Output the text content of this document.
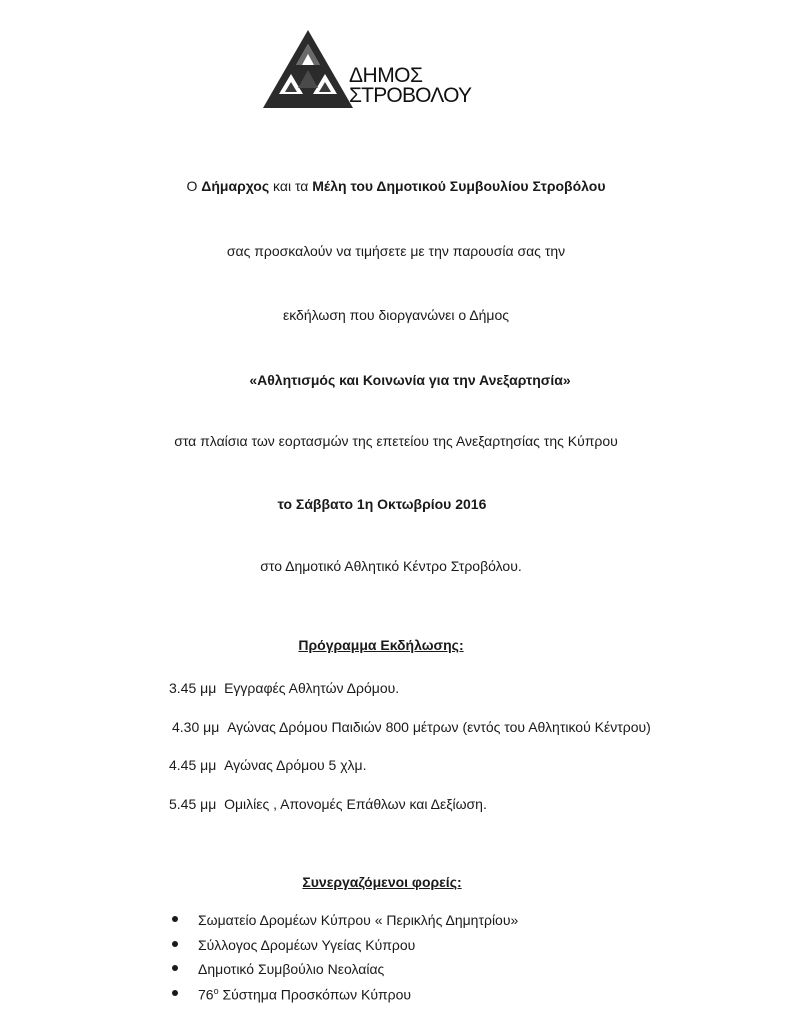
ΔΗΜΟΣ
ΣΤΡΟΒΟΛΟΥ
Ο Δήμαρχος και τα Μέλη του Δημοτικού Συμβουλίου Στροβόλου
σας προσκαλούν να τιμήσετε με την παρουσία σας την
εκδήλωση που διοργανώνει ο Δήμος
«Αθλητισμός και Κοινωνία για την Ανεξαρτησία»
στα πλαίσια των εορτασμών της επετείου της Ανεξαρτησίας της Κύπρου
το Σάββατο 1η Οκτωβρίου 2016
στο Δημοτικό Αθλητικό Κέντρο Στροβόλου.
Πρόγραμμα Εκδήλωσης:
3.45 μμ Εγγραφές Αθλητών Δρόμου.
4.30 μμ Αγώνας Δρόμου Παιδιών 800 μέτρων (εντός του Αθλητικού Κέντρου)
4.45 μμ Αγώνας Δρόμου 5 χλμ.
5.45 μμ Ομιλίες , Απονομές Επάθλων και Δεξίωση.
Συνεργαζόμενοι φορείς:
Σωματείο Δρομέων Κύπρου « Περικλής Δημητρίου»
Σύλλογος Δρομέων Υγείας Κύπρου
Δημοτικό Συμβούλιο Νεολαίας
$76^o$ Σύστημα Προσκόπων Κύπρου
